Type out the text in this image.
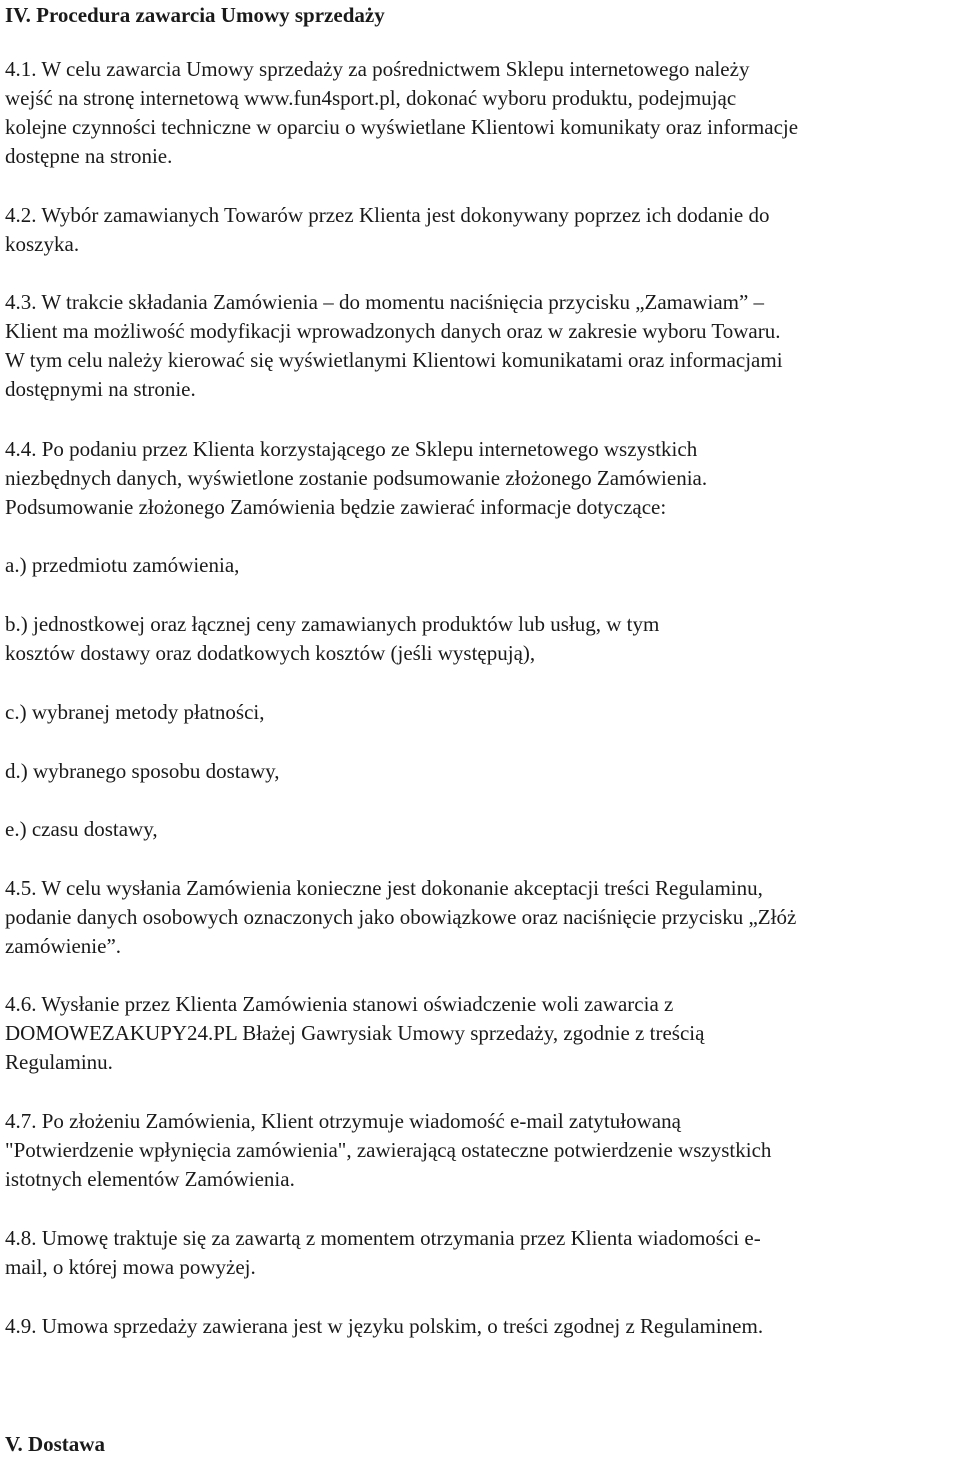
IV. Procedura zawarcia Umowy sprzedaży
4.1. W celu zawarcia Umowy sprzedaży za pośrednictwem Sklepu internetowego należy
wejść na stronę internetową www.fun4sport.pl, dokonać wyboru produktu, podejmując
kolejne czynności techniczne w oparciu o wyświetlane Klientowi komunikaty oraz informacje
dostępne na stronie.
4.2. Wybór zamawianych Towarów przez Klienta jest dokonywany poprzez ich dodanie do
koszyka.
4.3. W trakcie składania Zamówienia – do momentu naciśnięcia przycisku „Zamawiam” –
Klient ma możliwość modyfikacji wprowadzonych danych oraz w zakresie wyboru Towaru.
W tym celu należy kierować się wyświetlanymi Klientowi komunikatami oraz informacjami
dostępnymi na stronie.
4.4. Po podaniu przez Klienta korzystającego ze Sklepu internetowego wszystkich
niezbędnych danych, wyświetlone zostanie podsumowanie złożonego Zamówienia.
Podsumowanie złożonego Zamówienia będzie zawierać informacje dotyczące:
a.) przedmiotu zamówienia,
b.) jednostkowej oraz łącznej ceny zamawianych produktów lub usług, w tym
kosztów dostawy oraz dodatkowych kosztów (jeśli występują),
c.) wybranej metody płatności,
d.) wybranego sposobu dostawy,
e.) czasu dostawy,
4.5. W celu wysłania Zamówienia konieczne jest dokonanie akceptacji treści Regulaminu,
podanie danych osobowych oznaczonych jako obowiązkowe oraz naciśnięcie przycisku „Złóż
zamówienie”.
4.6. Wysłanie przez Klienta Zamówienia stanowi oświadczenie woli zawarcia z
DOMOWEZAKUPY24.PL Błażej Gawrysiak Umowy sprzedaży, zgodnie z treścią
Regulaminu.
4.7. Po złożeniu Zamówienia, Klient otrzymuje wiadomość e-mail zatytułowaną
"Potwierdzenie wpłynięcia zamówienia", zawierającą ostateczne potwierdzenie wszystkich
istotnych elementów Zamówienia.
4.8. Umowę traktuje się za zawartą z momentem otrzymania przez Klienta wiadomości e-
mail, o której mowa powyżej.
4.9. Umowa sprzedaży zawierana jest w języku polskim, o treści zgodnej z Regulaminem.
V. Dostawa
